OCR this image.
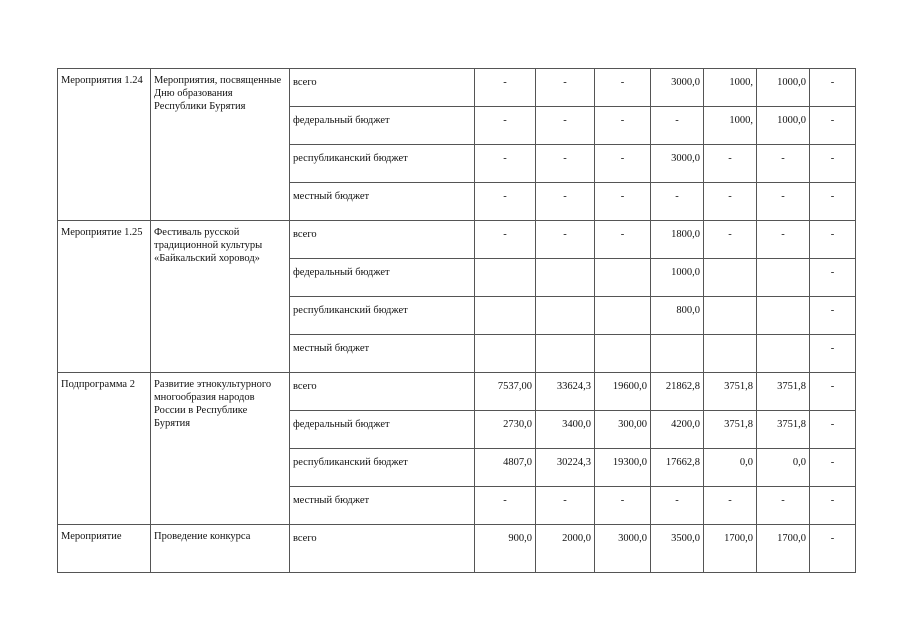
Мероприятия 1.24	Мероприятия, посвященные Дню образования Республики Бурятия	всего	-	-	-	3000,0	1000,	1000,0	-
		федеральный бюджет	-	-	-	-	1000,	1000,0	-
		республиканский бюджет	-	-	-	3000,0	-	-	-
		местный бюджет	-	-	-	-	-	-	-
Мероприятие 1.25	Фестиваль русской традиционной культуры «Байкальский хоровод»	всего	-	-	-	1800,0	-	-	-
		федеральный бюджет				1000,0			-
		республиканский бюджет				800,0			-
		местный бюджет							-
Подпрограмма 2	Развитие этнокультурного многообразия народов России в Республике Бурятия	всего	7537,00	33624,3	19600,0	21862,8	3751,8	3751,8	-
		федеральный бюджет	2730,0	3400,0	300,00	4200,0	3751,8	3751,8	-
		республиканский бюджет	4807,0	30224,3	19300,0	17662,8	0,0	0,0	-
		местный бюджет	-	-	-	-	-	-	-
Мероприятие	Проведение конкурса	всего	900,0	2000,0	3000,0	3500,0	1700,0	1700,0	-
